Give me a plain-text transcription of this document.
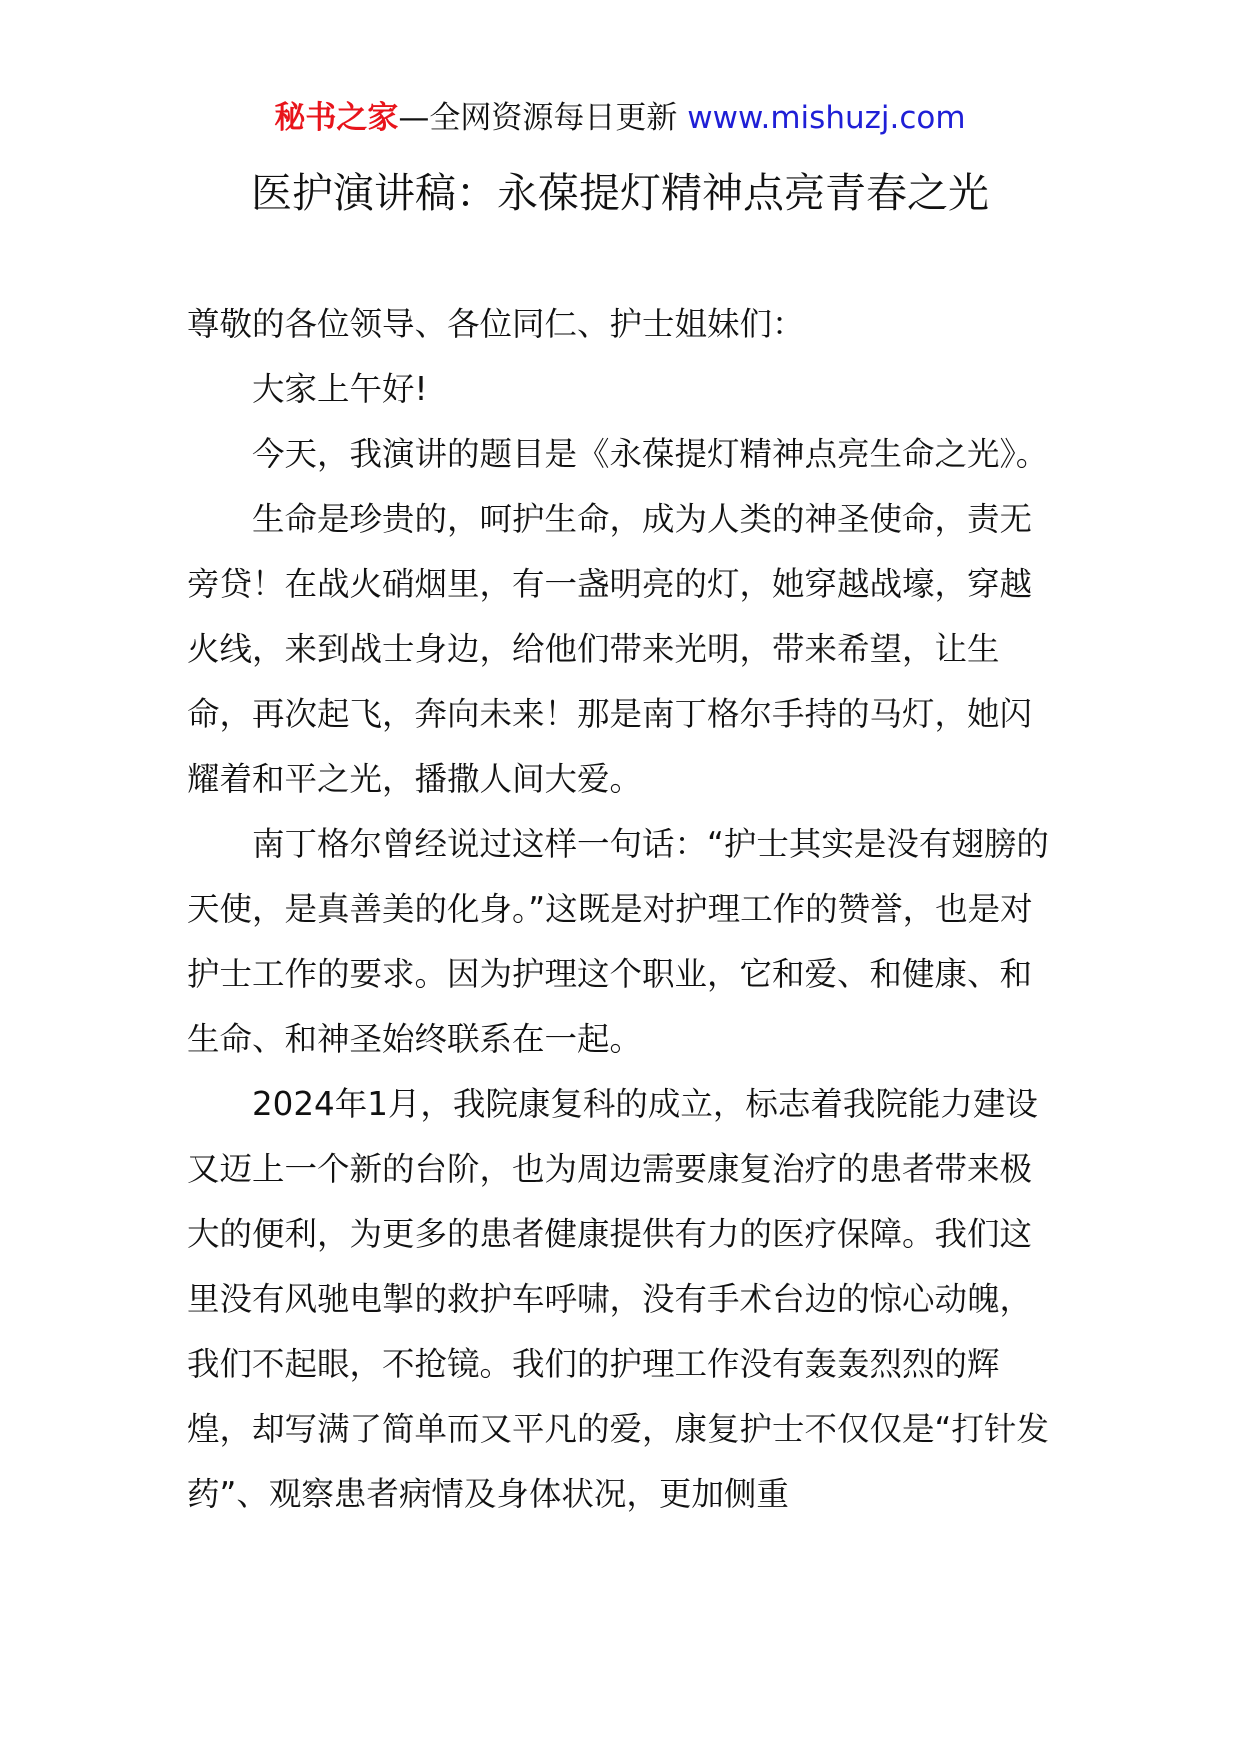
秘书之家—全网资源每日更新 www.mishuzj.com
医护演讲稿：永葆提灯精神点亮青春之光

尊敬的各位领导、各位同仁、护士姐妹们：

大家上午好!

今天，我演讲的题目是《永葆提灯精神点亮生命之光》。

生命是珍贵的，呵护生命，成为人类的神圣使命，责无旁贷！在战火硝烟里，有一盏明亮的灯，她穿越战壕，穿越火线，来到战士身边，给他们带来光明，带来希望，让生命，再次起飞，奔向未来！那是南丁格尔手持的马灯，她闪耀着和平之光，播撒人间大爱。

南丁格尔曾经说过这样一句话：“护士其实是没有翅膀的天使，是真善美的化身。”这既是对护理工作的赞誉，也是对护士工作的要求。因为护理这个职业，它和爱、和健康、和生命、和神圣始终联系在一起。

2024年1月，我院康复科的成立，标志着我院能力建设又迈上一个新的台阶，也为周边需要康复治疗的患者带来极大的便利，为更多的患者健康提供有力的医疗保障。我们这里没有风驰电掣的救护车呼啸，没有手术台边的惊心动魄，我们不起眼，不抢镜。我们的护理工作没有轰轰烈烈的辉煌，却写满了简单而又平凡的爱，康复护士不仅仅是“打针发药”、观察患者病情及身体状况，更加侧重
